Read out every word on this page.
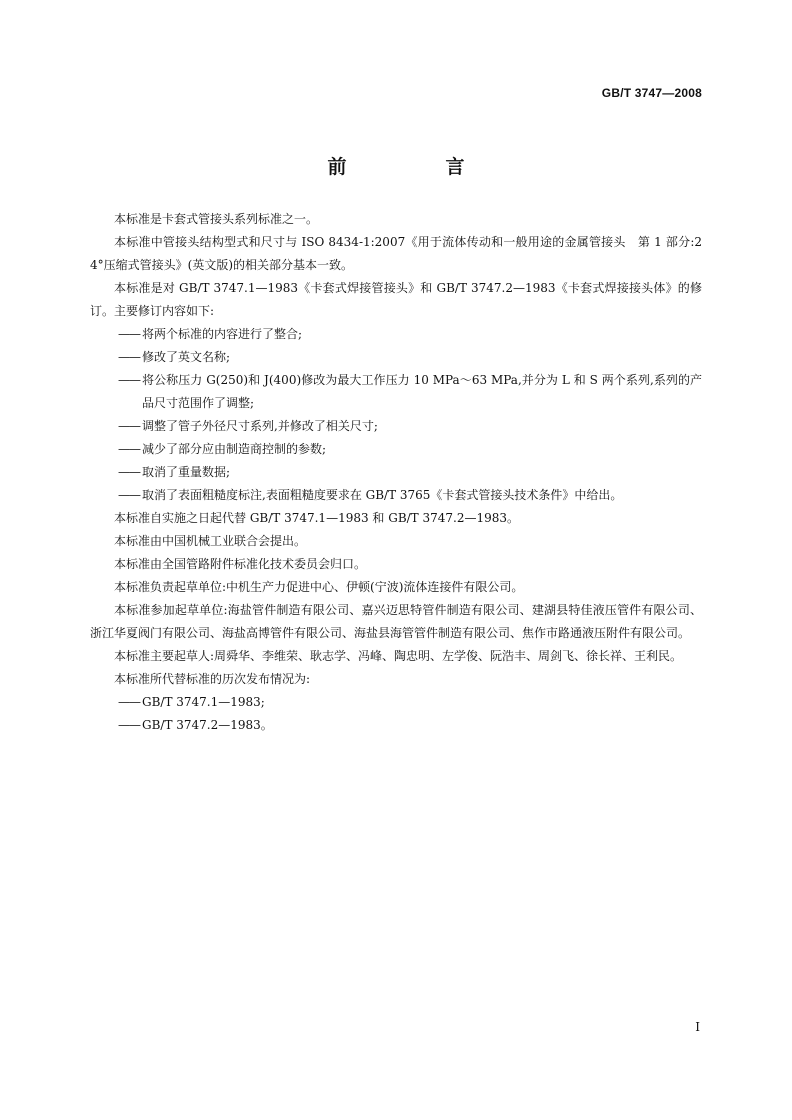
GB/T 3747—2008
前　言

本标准是卡套式管接头系列标准之一。

本标准中管接头结构型式和尺寸与 ISO 8434-1:2007《用于流体传动和一般用途的金属管接头　第 1 部分:24°压缩式管接头》(英文版)的相关部分基本一致。

本标准是对 GB/T 3747.1—1983《卡套式焊接管接头》和 GB/T 3747.2—1983《卡套式焊接接头体》的修订。主要修订内容如下:

—— 将两个标准的内容进行了整合;

—— 修改了英文名称;

—— 将公称压力 G(250)和 J(400)修改为最大工作压力 10 MPa～63 MPa,并分为 L 和 S 两个系列,系列的产品尺寸范围作了调整;

—— 调整了管子外径尺寸系列,并修改了相关尺寸;

—— 减少了部分应由制造商控制的参数;

—— 取消了重量数据;

—— 取消了表面粗糙度标注,表面粗糙度要求在 GB/T 3765《卡套式管接头技术条件》中给出。

本标准自实施之日起代替 GB/T 3747.1—1983 和 GB/T 3747.2—1983。

本标准由中国机械工业联合会提出。

本标准由全国管路附件标准化技术委员会归口。

本标准负责起草单位:中机生产力促进中心、伊顿(宁波)流体连接件有限公司。

本标准参加起草单位:海盐管件制造有限公司、嘉兴迈思特管件制造有限公司、建湖县特佳液压管件有限公司、浙江华夏阀门有限公司、海盐高博管件有限公司、海盐县海管管件制造有限公司、焦作市路通液压附件有限公司。

本标准主要起草人:周舜华、李维荣、耿志学、冯峰、陶忠明、左学俊、阮浩丰、周剑飞、徐长祥、王利民。

本标准所代替标准的历次发布情况为:

—— GB/T 3747.1—1983;

—— GB/T 3747.2—1983。

I
